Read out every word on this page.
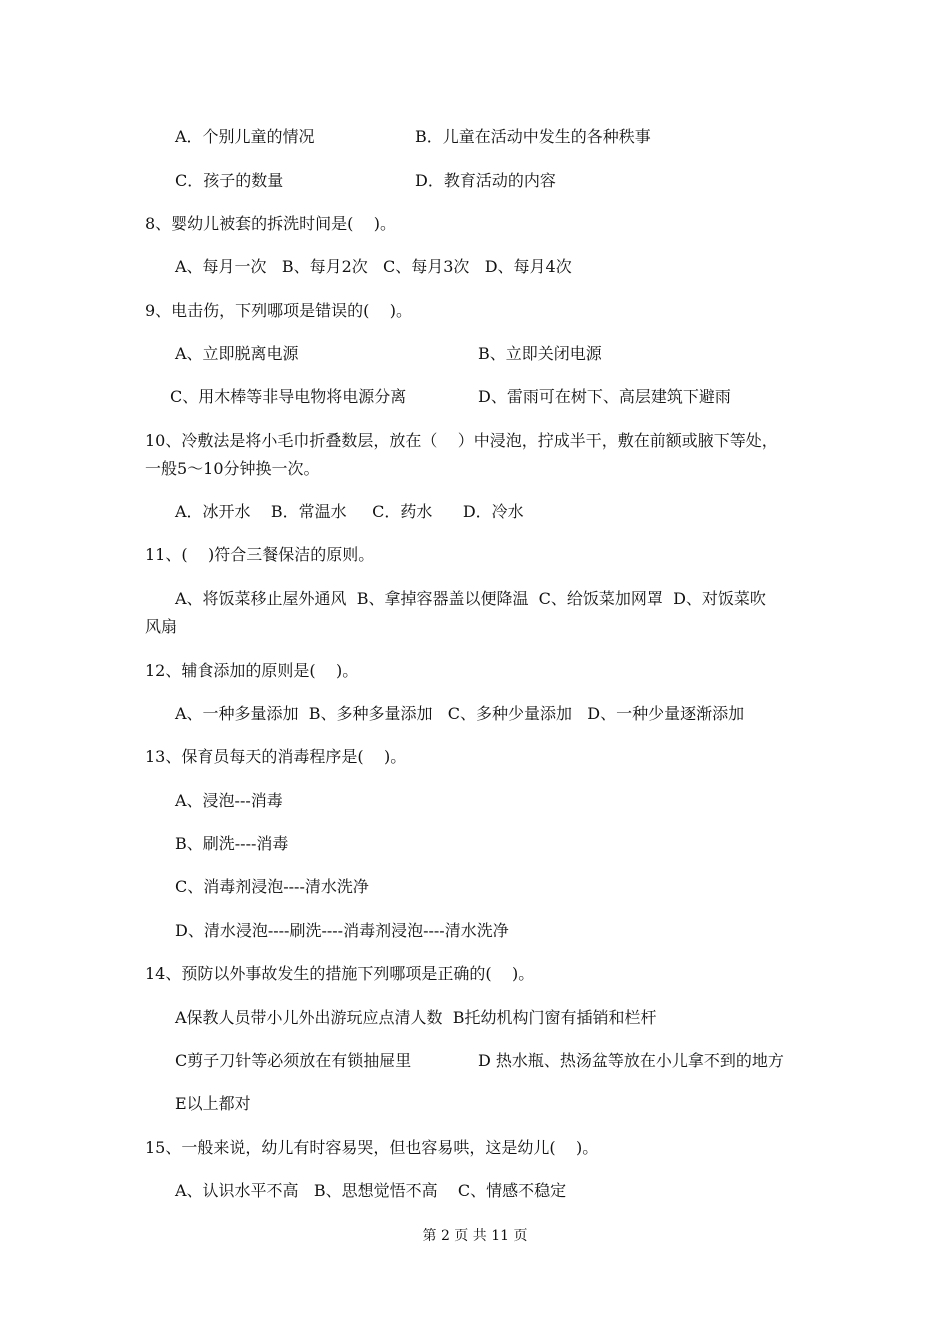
A．个别儿童的情况	B．儿童在活动中发生的各种秩事
C．孩子的数量	D．教育活动的内容
8、婴幼儿被套的拆洗时间是(    )。
A、每月一次   B、每月2次   C、每月3次   D、每月4次
9、电击伤，下列哪项是错误的(    )。
A、立即脱离电源	B、立即关闭电源
C、用木棒等非导电物将电源分离	D、雷雨可在树下、高层建筑下避雨
10、冷敷法是将小毛巾折叠数层，放在（    ）中浸泡，拧成半干，敷在前额或腋下等处，
一般5～10分钟换一次。
A．冰开水    B．常温水     C．药水      D．冷水
11、(    )符合三餐保洁的原则。
A、将饭菜移止屋外通风  B、拿掉容器盖以便降温  C、给饭菜加网罩  D、对饭菜吹
风扇
12、辅食添加的原则是(    )。
A、一种多量添加  B、多种多量添加   C、多种少量添加   D、一种少量逐渐添加
13、保育员每天的消毒程序是(    )。
A、浸泡---消毒
B、刷洗----消毒
C、消毒剂浸泡----清水洗净
D、清水浸泡----刷洗----消毒剂浸泡----清水洗净
14、预防以外事故发生的措施下列哪项是正确的(    )。
A保教人员带小儿外出游玩应点清人数  B托幼机构门窗有插销和栏杆
C剪子刀针等必须放在有锁抽屉里	D 热水瓶、热汤盆等放在小儿拿不到的地方
E以上都对
15、一般来说，幼儿有时容易哭，但也容易哄，这是幼儿(    )。
A、认识水平不高   B、思想觉悟不高    C、情感不稳定
第 2 页 共 11 页
